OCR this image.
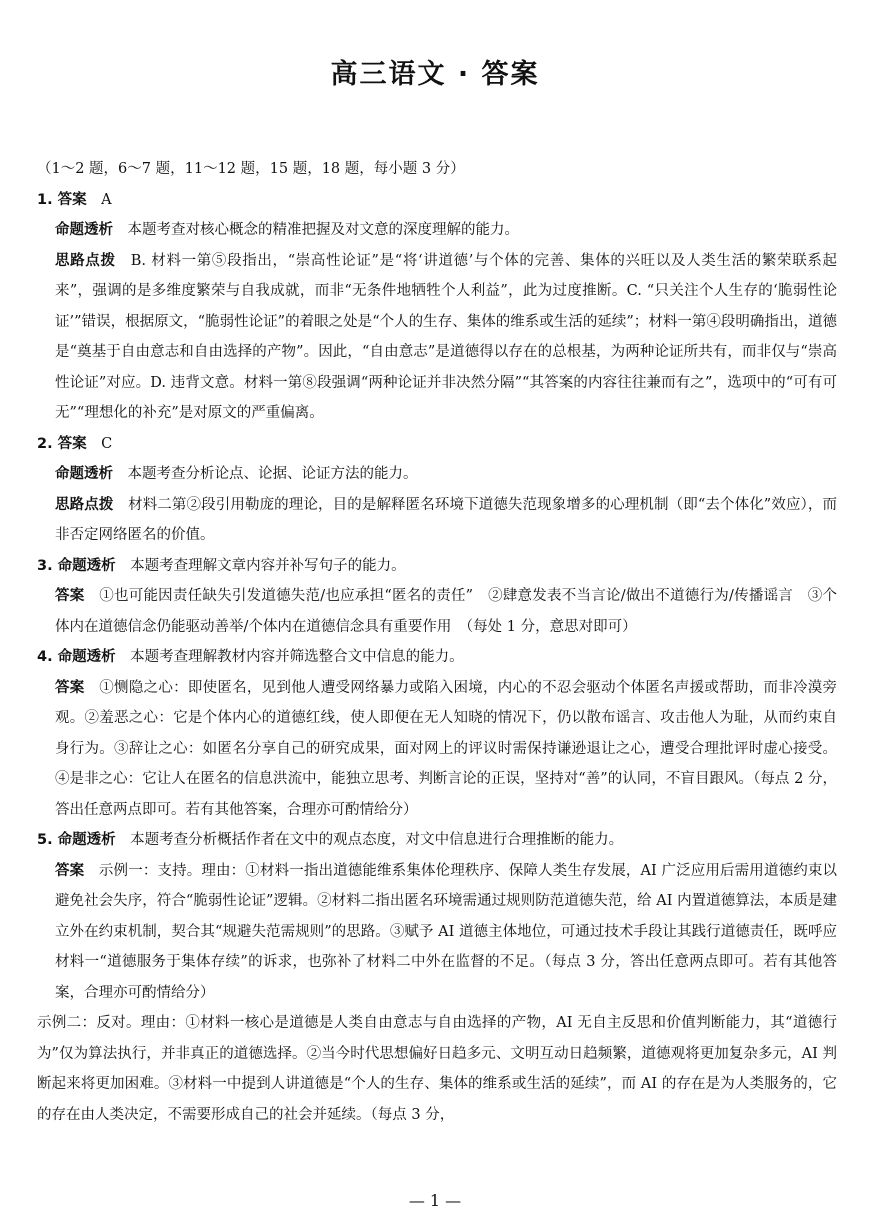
高三语文 · 答案

（1～2 题，6～7 题，11～12 题，15 题，18 题，每小题 3 分）

1. 答案　 A

命题透析　 本题考查对核心概念的精准把握及对文意的深度理解的能力。

思路点拨　 B. 材料一第⑤段指出，“崇高性论证”是“将‘讲道德’与个体的完善、集体的兴旺以及人类生活的繁荣联系起来”，强调的是多维度繁荣与自我成就，而非“无条件地牺牲个人利益”，此为过度推断。C. “只关注个人生存的‘脆弱性论证’”错误，根据原文，“脆弱性论证”的着眼之处是“个人的生存、集体的维系或生活的延续”；材料一第④段明确指出，道德是“奠基于自由意志和自由选择的产物”。因此，“自由意志”是道德得以存在的总根基，为两种论证所共有，而非仅与“崇高性论证”对应。D. 违背文意。材料一第⑧段强调“两种论证并非决然分隔”“其答案的内容往往兼而有之”，选项中的“可有可无”“理想化的补充”是对原文的严重偏离。

2. 答案　 C

命题透析　 本题考查分析论点、论据、论证方法的能力。

思路点拨　 材料二第②段引用勒庞的理论，目的是解释匿名环境下道德失范现象增多的心理机制（即“去个体化”效应），而非否定网络匿名的价值。

3. 命题透析　 本题考查理解文章内容并补写句子的能力。

答案　 ①也可能因责任缺失引发道德失范/也应承担“匿名的责任”　②肆意发表不当言论/做出不道德行为/传播谣言　③个体内在道德信念仍能驱动善举/个体内在道德信念具有重要作用　（每处 1 分，意思对即可）

4. 命题透析　 本题考查理解教材内容并筛选整合文中信息的能力。

答案　 ①恻隐之心：即使匿名，见到他人遭受网络暴力或陷入困境，内心的不忍会驱动个体匿名声援或帮助，而非冷漠旁观。②羞恶之心：它是个体内心的道德红线，使人即便在无人知晓的情况下，仍以散布谣言、攻击他人为耻，从而约束自身行为。③辞让之心：如匿名分享自己的研究成果，面对网上的评议时需保持谦逊退让之心，遭受合理批评时虚心接受。④是非之心：它让人在匿名的信息洪流中，能独立思考、判断言论的正误，坚持对“善”的认同，不盲目跟风。（每点 2 分，答出任意两点即可。若有其他答案，合理亦可酌情给分）

5. 命题透析　 本题考查分析概括作者在文中的观点态度，对文中信息进行合理推断的能力。

答案　 示例一：支持。理由：①材料一指出道德能维系集体伦理秩序、保障人类生存发展，AI 广泛应用后需用道德约束以避免社会失序，符合“脆弱性论证”逻辑。②材料二指出匿名环境需通过规则防范道德失范，给 AI 内置道德算法，本质是建立外在约束机制，契合其“规避失范需规则”的思路。③赋予 AI 道德主体地位，可通过技术手段让其践行道德责任，既呼应材料一“道德服务于集体存续”的诉求，也弥补了材料二中外在监督的不足。（每点 3 分，答出任意两点即可。若有其他答案，合理亦可酌情给分）

示例二：反对。理由：①材料一核心是道德是人类自由意志与自由选择的产物，AI 无自主反思和价值判断能力，其“道德行为”仅为算法执行，并非真正的道德选择。②当今时代思想偏好日趋多元、文明互动日趋频繁，道德观将更加复杂多元，AI 判断起来将更加困难。③材料一中提到人讲道德是“个人的生存、集体的维系或生活的延续”，而 AI 的存在是为人类服务的，它的存在由人类决定，不需要形成自己的社会并延续。（每点 3 分，

— 1 —
